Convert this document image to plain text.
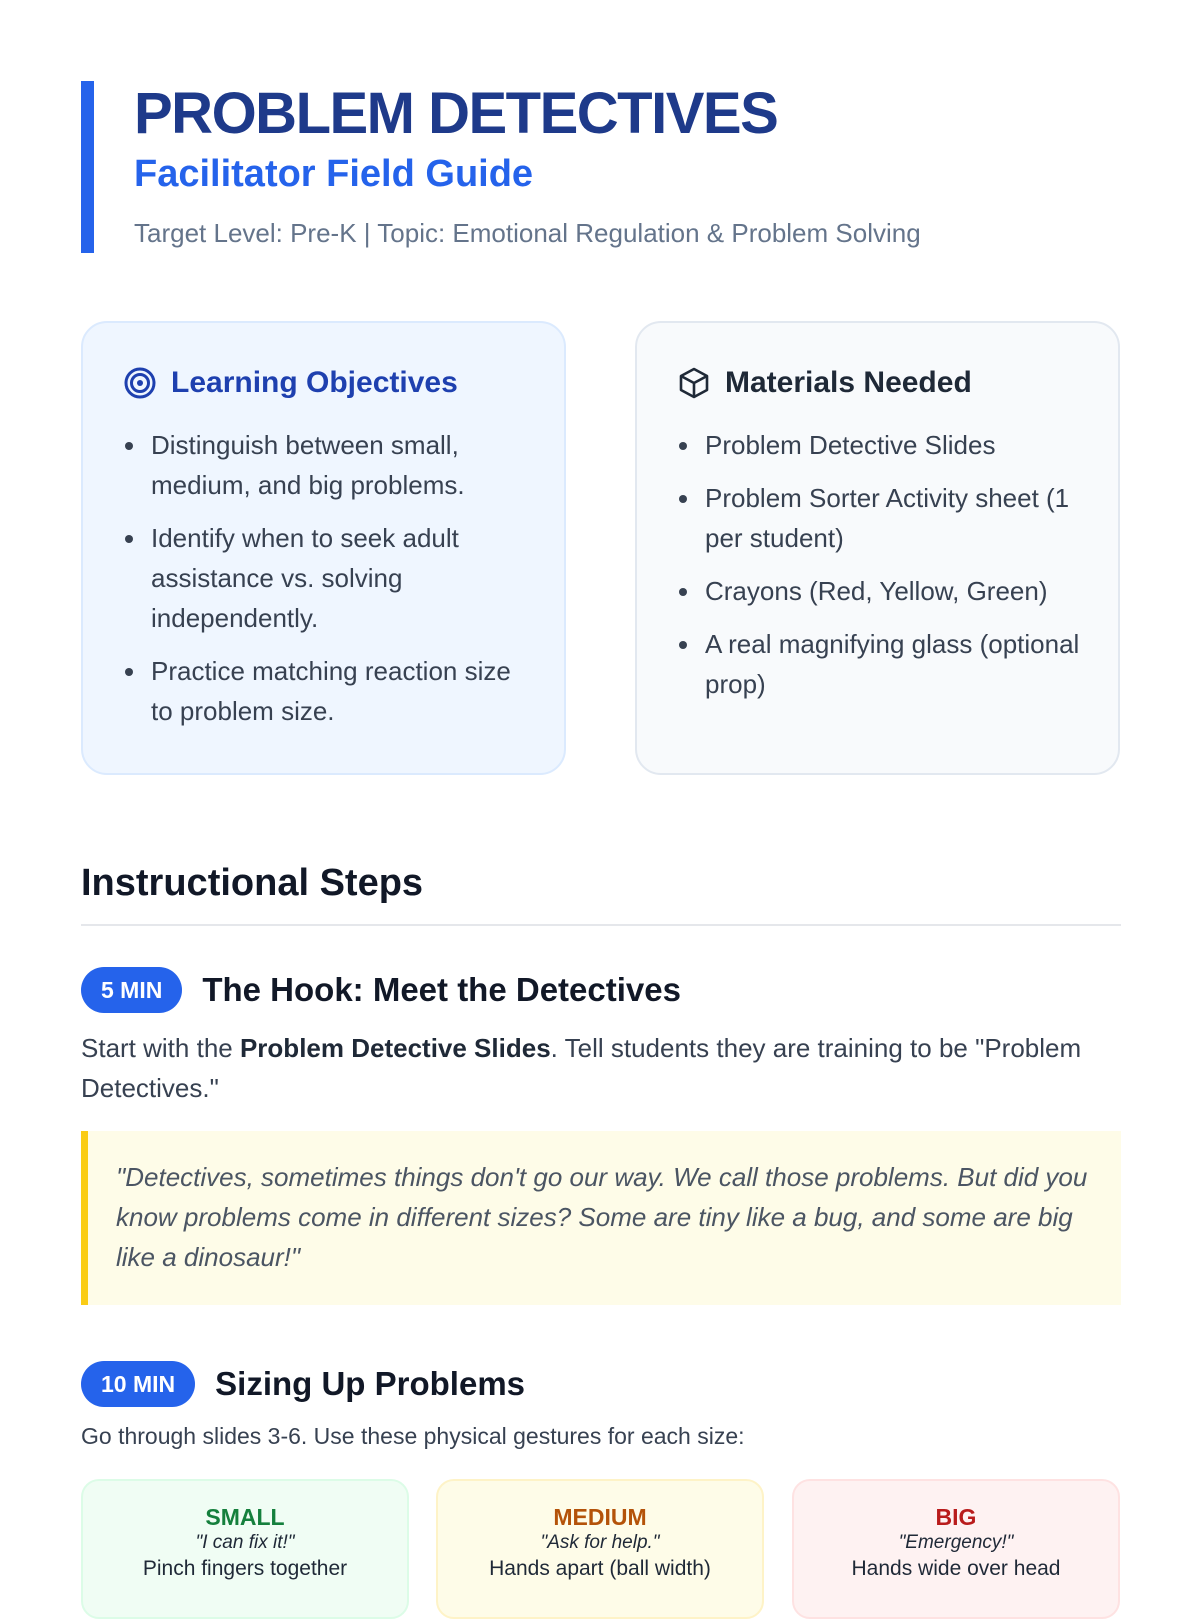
PROBLEM DETECTIVES
Facilitator Field Guide
Target Level: Pre-K | Topic: Emotional Regulation & Problem Solving
Learning Objectives
Distinguish between small, medium, and big problems.
Identify when to seek adult assistance vs. solving independently.
Practice matching reaction size to problem size.
Materials Needed
Problem Detective Slides
Problem Sorter Activity sheet (1 per student)
Crayons (Red, Yellow, Green)
A real magnifying glass (optional prop)
Instructional Steps
5 MIN	The Hook: Meet the Detectives

Start with the Problem Detective Slides. Tell students they are training to be "Problem Detectives."

"Detectives, sometimes things don't go our way. We call those problems. But did you know problems come in different sizes? Some are tiny like a bug, and some are big like a dinosaur!"

10 MIN	Sizing Up Problems

Go through slides 3-6. Use these physical gestures for each size:

SMALL
"I can fix it!"
Pinch fingers together
MEDIUM
"Ask for help."
Hands apart (ball width)
BIG
"Emergency!"
Hands wide over head
